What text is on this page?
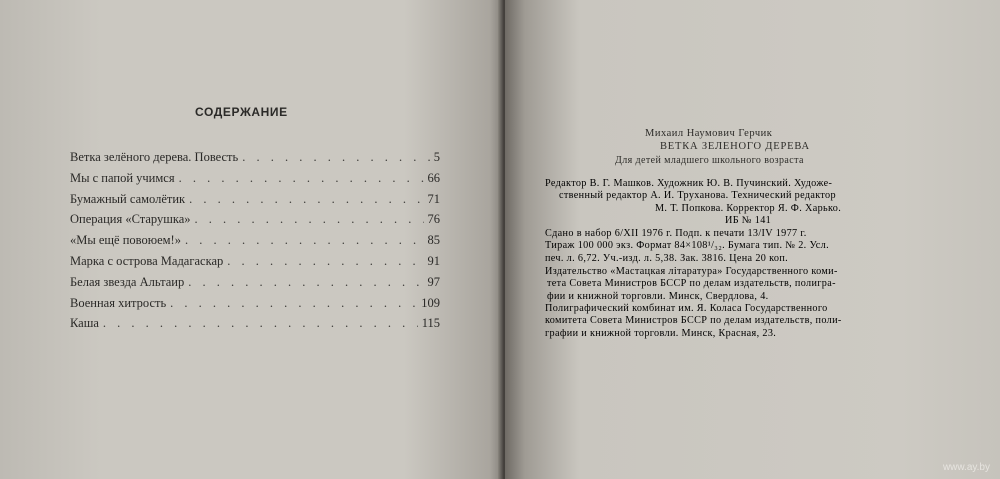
СОДЕРЖАНИЕ
Ветка зелёного дерева. Повесть . . .	5
Мы с папой учимся . . .	66
Бумажный самолётик . . .	71
Операция «Старушка» . . .	76
«Мы ещё повоюем!» . . .	85
Марка с острова Мадагаскар . . .	91
Белая звезда Альтаир . . .	97
Военная хитрость . . .	109
Каша . . .	115
Михаил Наумович Герчик
ВЕТКА ЗЕЛЕНОГО ДЕРЕВА
Для детей младшего школьного возраста
Редактор В. Г. Машков. Художник Ю. В. Пучинский. Художе-
ственный редактор А. И. Труханова. Технический редактор
М. Т. Попкова. Корректор Я. Ф. Харько.
ИБ № 141
Сдано в набор 6/XII 1976 г. Подп. к печати 13/IV 1977 г.
Тираж 100 000 экз. Формат 84×108¹/₃₂. Бумага тип. № 2. Усл.
печ. л. 6,72. Уч.-изд. л. 5,38. Зак. 3816. Цена 20 коп.
Издательство «Мастацкая літаратура» Государственного коми-
тета Совета Министров БССР по делам издательств, полигра-
фии и книжной торговли. Минск, Свердлова, 4.
Полиграфический комбинат им. Я. Коласа Государственного
комитета Совета Министров БССР по делам издательств, поли-
графии и книжной торговли. Минск, Красная, 23.
www.ay.by
